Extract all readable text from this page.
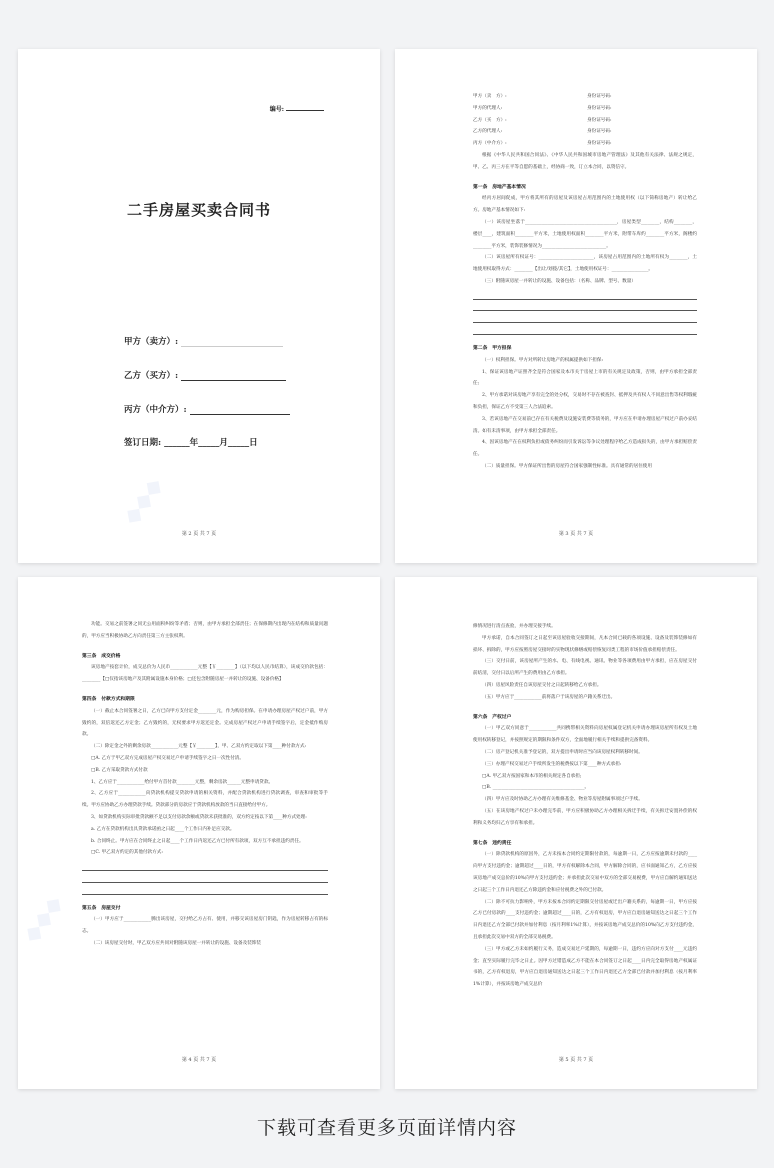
◆◆◆
编号:
二手房屋买卖合同书
甲方（卖方）:
乙方（买方）:
丙方（中介方）:
签订日期: ______年_____月_____日
第 2 页 共 7 页
甲方（卖　方）:	身份证号码:
甲方的代理人:	身份证号码:
乙方（买　方）:	身份证号码:
乙方的代理人:	身份证号码:
丙方（中介方）:	身份证号码:

根据《中华人民共和国合同法》、《中华人民共和国城市房地产管理法》及其他有关法律、法规之规定，甲、乙、丙三方在平等自愿的基础上，经协商一致，订立本合同，以资信守。

第一条　房地产基本情况

经丙方居间促成，甲方将其所有的房屋及该房屋占用范围内的土地使用权（以下简称房地产）转让给乙方。房地产基本情况如下:

（一）该房屋坐落于________________________________________，房屋类型________，结构________，楼层____，建筑面积________平方米，土地使用权面积________平方米，附带车库约________平方米，阁楼约________平方米，装饰装修情况为____________________________。

（二）该房屋所有权证号：________________________，该房屋占用范围内的土地所有权为________，土地使用权取得方式：________【出让/划拨/其它】，土地使用权证号：________________。

（三）附随该房屋一并转让的设施、设备包括：（名称、品牌、型号、数量）

第二条　甲方担保

（一）权利担保。甲方对所转让房地产的权属提供如下担保:

1、保证该房地产证照齐全是符合国家及本市关于房屋上市的有关规定及政策，否则，由甲方承担全部责任;

2、甲方承诺对该房地产享有完全的处分权，交易时不存在被查封、抵押及共有权人不同意出售等权利瑕疵和负担，保证乙方不受第三人合法追索。

3、若该房地产在交易前已存在有关税费及设施安装费等债务的，甲方应在申请办理房屋产权过户前办妥结清。如有未清事项，由甲方承担全部责任。

4、因该房地产在在权利负担或债务纠纷而引发诉讼等争议处理程序给乙方造成损失的，由甲方承担赔偿责任。

（二）质量担保。甲方保证所出售的房屋符合国家强制性标准。具有通常的居住使用

第 3 页 共 7 页
◆◆◆

功能。交易之前签署之同无公用面积纠纷等矛盾；否则，由甲方承担全部责任；在保修期内出现内在结构和质量问题的，甲方应当积极协助乙方向责任第三方主张权利。

第三条　成交价格

该房地产按套计价，成交总价为人民币____________元整【￥________】（以下均以人民币结算），该成交价款包括：________【□仅指该房地产及其附属设施本身价格；□还包含附随房屋一并转让的设施、设备价格】

第四条　付款方式和期限

（一）截止本合同签署之日，乙方已向甲方支付定金________元，作为购房担保。在申请办理房屋产权过户前，甲方毁约的，双倍返还乙方定金；乙方毁约的，无权要求甲方返还定金。完成房屋产权过户申请手续签字后，定金抵作购房款。

（二）除定金之外的剩余房款____________元整【￥________】，甲、乙双方约定取以下第____种付款方式:

□A. 乙方于甲乙双方完成房屋产权交易过户申请手续签字之日一次性付清。

□B. 乙方采取贷款方式付款

1、乙方应于____________给付甲方首付款________元整，剩余房款______元整申请贷款。

2、乙方应于____________向贷款机构提交贷款申请的相关资料，并配合贷款机构进行贷款调查，审查和审批等手续。甲方应协助乙方办理贷款手续。贷款部分的房款应于贷款机构放款的当日直接给付甲方。

3、如贷款机构实际审批贷款额不足以支付房款余额或贷款未获批准的，双方约定按以下第____种方式处理:

a. 乙方在贷款机构出具贷款承诺函之日起____个工作日内补足应交款。

b. 合同终止。甲方应在合同终止之日起____个工作日内返还乙方已付所有款项，双方互不承担违约责任。

□C. 甲乙双方约定的其他付款方式:

第五条　房屋交付

（一）甲方应于____________腾出该房屋，交付给乙方占有、使用，并移交该房屋房门钥匙，作为房屋转移占有的标志。

（二）该房屋交付时，甲乙双方应共同对附随该房屋一并转让的设施、设备及装饰装

第 4 页 共 7 页

修情况进行清点查验，并办理交接手续。

甲方承诺，自本合同签订之日起至该房屋验收交接期间，凡本合同已载的各项设施、设备及装饰装修如有损坏、拆除的，甲方应按照房屋交接时的实物现状修缮或赔偿恢复同类工程的市场价值承担赔偿责任。

（三）交付日前，该房屋所产生的水、电、有线电视、通讯、物业等各项费用由甲方承担，应在房屋交付前结清，交付日以后所产生的费用由乙方承担。

（四）房屋风险责任自该房屋交付之日起转移给乙方承担。

（五）甲方应于____________前将落户于该房屋的户籍关系迁出。

第六条　产权过户

（一）甲乙双方同意于____________共同携带相关资料向房屋权属登记机关申请办理该房屋所有权及土地使用权转移登记，并按照规定的期限和条件双方，全面地履行相关手续和提供完备资料。

（二）房产登记机关准予登记的，双方提出申请时应当向该房屋权利转移时间。

（三）办理产权交易过户手续所发生的税费按以下第____种方式承担:

□A. 甲乙双方按国家和本市的相关规定各自承担;

□B. ________________________________________。

（四）甲方应及时协助乙方办理有关维修基金、物业等房屋附属事项过户手续。

（五）在该房地产权过户未办理完毕前，甲方应积极协助乙方办理相关拆迁手续，有关拆迁安置补偿的权利和义务均归乙方享有和承担。

第七条　违约责任

（一）除贷款机构的原因外，乙方未按本合同约定期限付款的，每逾期一日，乙方应按逾期未付款的____向甲方支付违约金；逾期超过____日的，甲方有权解除本合同，甲方解除合同的，应书面通知乙方，乙方应按该房地产成交总价的10%向甲方支付违约金；并承担此次交易中双方的全部交易税费，甲方应自解约通知送达之日起三个工作日内退还乙方除违约金和应付税费之外的已付款。

（二）除不可抗力影响外，甲方未按本合同约定期限交付房屋或迁出户籍关系的，每逾期一日，甲方应按乙方已付房款的____支付违约金；逾期超过____日的，乙方有权退房，甲方应自退房通知送达之日起三个工作日内退还乙方全部已付款并加付利息（按月利率1%计算），并按该房地产成交总价的10%向乙方支付违约金，且承担此次交易中双方的全部交易税费。

（三）甲方或乙方未如约履行义务，造成交易过户延期的，每逾期一日，违约方应向对方支付____元违约金；直至实际履行完毕之日止。因甲方过错造成乙方不能在本合同签订之日起____日内完全取得房地产权属证书的，乙方有权退房，甲方应自退房通知送达之日起三个工作日内退还乙方全部已付款并加付利息（按月利率1%计算），并按该房地产成交总价

第 5 页 共 7 页
下载可查看更多页面详情内容
